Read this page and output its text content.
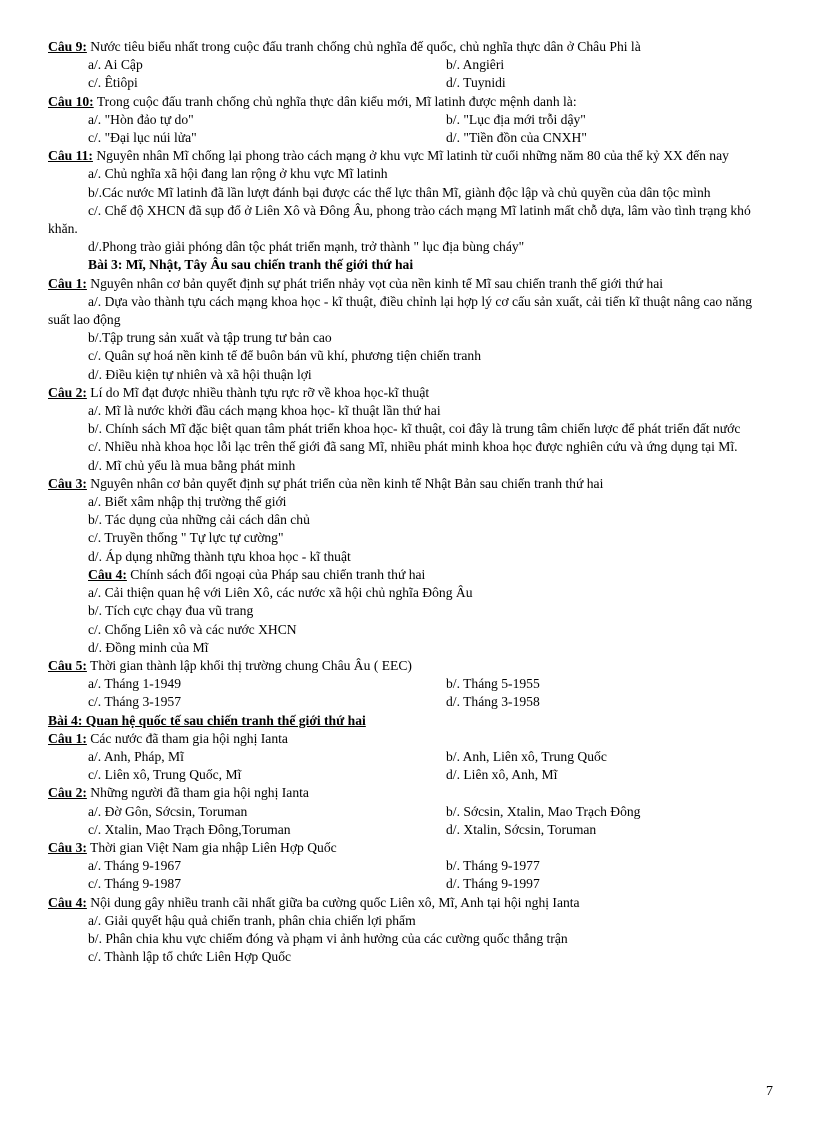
Câu 9: Nước tiêu biểu nhất trong cuộc đấu tranh chống chủ nghĩa đế quốc, chủ nghĩa thực dân ở Châu Phi là
a/. Ai Cập	b/. Angiêri
c/. Êtiôpi	d/. Tuynidi
Câu 10: Trong cuộc đấu tranh chống chủ nghĩa thực dân kiểu mới, Mĩ latinh được mệnh danh là:
a/. "Hòn đảo tự do"	b/. "Lục địa mới trỗi dậy"
c/. "Đại lục núi lửa"	d/. "Tiền đồn của CNXH"
Câu 11: Nguyên nhân Mĩ chống lại phong trào cách mạng ở khu vực Mĩ latinh từ cuối những năm 80 của thế kỷ XX đến nay
a/. Chủ nghĩa xã hội đang lan rộng ở khu vực Mĩ latinh
b/.Các nước Mĩ latinh đã lần lượt đánh bại được các thế lực thân Mĩ, giành độc lập và chủ quyền của dân tộc mình
c/. Chế độ XHCN đã sụp đổ ở Liên Xô và Đông Âu, phong trào cách mạng Mĩ latinh mất chỗ dựa, lâm vào tình trạng khó khăn.
d/.Phong trào giải phóng dân tộc phát triển mạnh, trở thành " lục địa bùng cháy"
Bài 3: Mĩ, Nhật, Tây Âu sau chiến tranh thế giới thứ hai
Câu 1: Nguyên nhân cơ bản quyết định sự phát triển nhảy vọt của nền kinh tế Mĩ sau chiến tranh thế giới thứ hai
a/. Dựa vào thành tựu cách mạng khoa học - kĩ thuật, điều chỉnh lại hợp lý cơ cấu sản xuất, cải tiến kĩ thuật nâng cao năng suất lao động
b/.Tập trung sản xuất và tập trung tư bản cao
c/. Quân sự hoá nền kinh tế để buôn bán vũ khí, phương tiện chiến tranh
d/. Điều kiện tự nhiên và xã hội thuận lợi
Câu 2: Lí do Mĩ đạt được nhiều thành tựu rực rỡ về khoa học-kĩ thuật
a/. Mĩ là nước khởi đầu cách mạng khoa học- kĩ thuật lần thứ hai
b/. Chính sách Mĩ đặc biệt quan tâm phát triển khoa học- kĩ thuật, coi đây là trung tâm chiến lược để phát triển đất nước
c/. Nhiều nhà khoa học lỗi lạc trên thế giới đã sang Mĩ, nhiều phát minh khoa học được nghiên cứu và ứng dụng tại Mĩ.
d/. Mĩ chủ yếu là mua bằng phát minh
Câu 3: Nguyên nhân cơ bản quyết định sự phát triển của nền kinh tế Nhật Bản sau chiến tranh thứ hai
a/. Biết xâm nhập thị trường thế giới
b/. Tác dụng của những cải cách dân chủ
c/. Truyền thống " Tự lực tự cường"
d/. Áp dụng những thành tựu khoa học - kĩ thuật
Câu 4: Chính sách đối ngoại của Pháp sau chiến tranh thứ hai
a/. Cải thiện quan hệ với Liên Xô, các nước xã hội chủ nghĩa Đông Âu
b/. Tích cực chạy đua vũ trang
c/. Chống Liên xô và các nước XHCN
d/. Đồng minh của Mĩ
Câu 5: Thời gian thành lập khối thị trường chung Châu Âu ( EEC)
a/. Tháng 1-1949	b/. Tháng 5-1955
c/. Tháng 3-1957	d/. Tháng 3-1958
Bài 4: Quan hệ quốc tế sau chiến tranh thế giới thứ hai
Câu 1: Các nước đã tham gia hội nghị Ianta
a/. Anh, Pháp, Mĩ	b/. Anh, Liên xô, Trung Quốc
c/. Liên xô, Trung Quốc, Mĩ	d/. Liên xô, Anh, Mĩ
Câu 2: Những người đã tham gia hội nghị Ianta
a/. Đờ Gôn, Sớcsin, Toruman	b/. Sớcsin, Xtalin, Mao Trạch Đông
c/. Xtalin, Mao Trạch Đông,Toruman	d/. Xtalin, Sớcsin, Toruman
Câu 3: Thời gian Việt Nam gia nhập Liên Hợp Quốc
a/. Tháng 9-1967	b/. Tháng 9-1977
c/. Tháng 9-1987	d/. Tháng 9-1997
Câu 4: Nội dung gây nhiều tranh cãi nhất giữa ba cường quốc Liên xô, Mĩ, Anh tại hội nghị Ianta
a/. Giải quyết hậu quả chiến tranh, phân chia chiến lợi phẩm
b/. Phân chia khu vực chiếm đóng và phạm vi ảnh hưởng của các cường quốc thắng trận
c/. Thành lập tổ chức Liên Hợp Quốc
7
